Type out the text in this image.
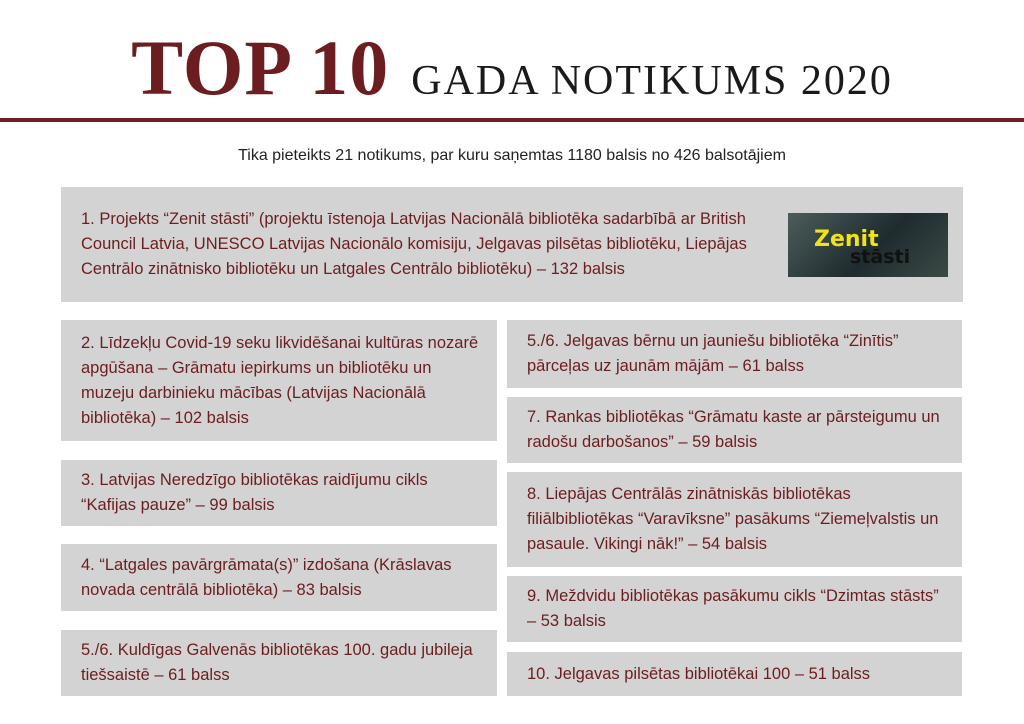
TOP 10 GADA NOTIKUMS 2020
Tika pieteikts 21 notikums, par kuru saņemtas 1180 balsis no 426 balsotājiem
1. Projekts “Zenit stāsti” (projektu īstenoja Latvijas Nacionālā bibliotēka sadarbībā ar British Council Latvia, UNESCO Latvijas Nacionālo komisiju, Jelgavas pilsētas bibliotēku, Liepājas Centrālo zinātnisko bibliotēku un Latgales Centrālo bibliotēku) – 132 balsis
Zenit
stāsti
2. Līdzekļu Covid-19 seku likvidēšanai kultūras nozarē apgūšana – Grāmatu iepirkums un bibliotēku un muzeju darbinieku mācības (Latvijas Nacionālā bibliotēka) – 102 balsis
3. Latvijas Neredzīgo bibliotēkas raidījumu cikls “Kafijas pauze” – 99 balsis
4. “Latgales pavārgrāmata(s)” izdošana (Krāslavas novada centrālā bibliotēka) – 83 balsis
5./6. Kuldīgas Galvenās bibliotēkas 100. gadu jubileja tiešsaistē – 61 balss
5./6. Jelgavas bērnu un jauniešu bibliotēka “Zinītis” pārceļas uz jaunām mājām – 61 balss
7. Rankas bibliotēkas “Grāmatu kaste ar pārsteigumu un radošu darbošanos” – 59 balsis
8. Liepājas Centrālās zinātniskās bibliotēkas filiālbibliotēkas “Varavīksne” pasākums “Ziemeļvalstis un pasaule. Vikingi nāk!” – 54 balsis
9. Meždvidu bibliotēkas pasākumu cikls “Dzimtas stāsts” – 53 balsis
10. Jelgavas pilsētas bibliotēkai 100 – 51 balss
